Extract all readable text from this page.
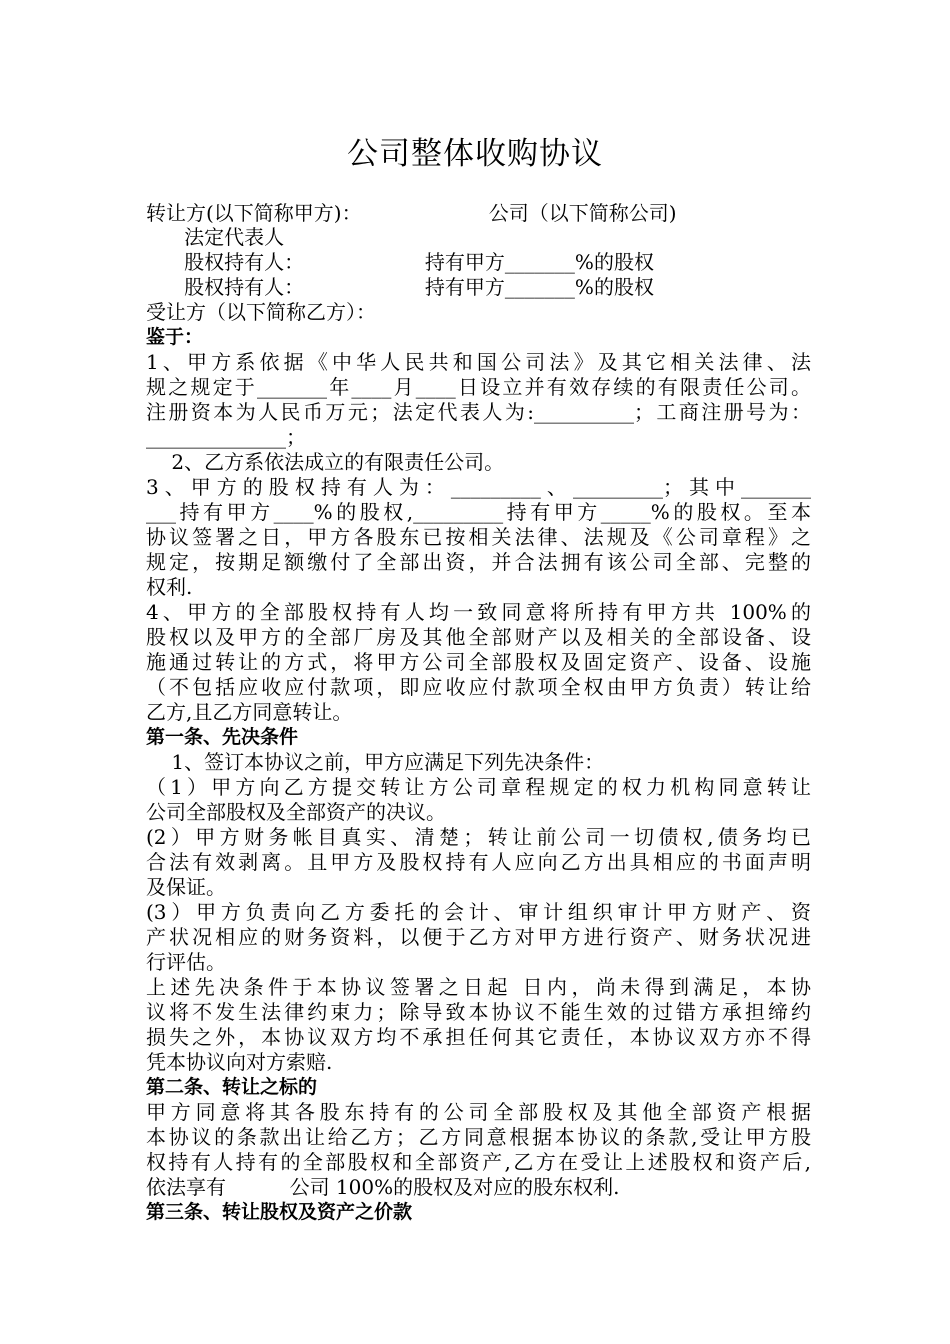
公司整体收购协议
转让方(以下简称甲方)：                    公司（以下简称公司)
法定代表人
股权持有人：                   持有甲方_______%的股权
股权持有人：                   持有甲方_______%的股权
受让方（以下简称乙方）：
鉴于：
1、甲方系依据《中华人民共和国公司法》及其它相关法律、法
规之规定于_______年____月____日设立并有效存续的有限责任公司。
注册资本为人民币万元；法定代表人为:__________；工商注册号为：
______________；
2、乙方系依法成立的有限责任公司。
3、甲方的股权持有人为：_________、_________；其中_______
___持有甲方____%的股权,_________持有甲方_____%的股权。至本
协议签署之日，甲方各股东已按相关法律、法规及《公司章程》之
规定，按期足额缴付了全部出资，并合法拥有该公司全部、完整的
权利.
4、甲方的全部股权持有人均一致同意将所持有甲方共 100%的
股权以及甲方的全部厂房及其他全部财产以及相关的全部设备、设
施通过转让的方式，将甲方公司全部股权及固定资产、设备、设施
（不包括应收应付款项，即应收应付款项全权由甲方负责）转让给
乙方,且乙方同意转让。
第一条、先决条件
1、签订本协议之前，甲方应满足下列先决条件：
（1）甲方向乙方提交转让方公司章程规定的权力机构同意转让
公司全部股权及全部资产的决议。
(2）甲方财务帐目真实、清楚；转让前公司一切债权,债务均已
合法有效剥离。且甲方及股权持有人应向乙方出具相应的书面声明
及保证。
(3）甲方负责向乙方委托的会计、审计组织审计甲方财产、资
产状况相应的财务资料，以便于乙方对甲方进行资产、财务状况进
行评估。
上述先决条件于本协议签署之日起 日内，尚未得到满足，本协
议将不发生法律约束力；除导致本协议不能生效的过错方承担缔约
损失之外，本协议双方均不承担任何其它责任，本协议双方亦不得
凭本协议向对方索赔.
第二条、转让之标的
甲方同意将其各股东持有的公司全部股权及其他全部资产根据
本协议的条款出让给乙方；乙方同意根据本协议的条款,受让甲方股
权持有人持有的全部股权和全部资产,乙方在受让上述股权和资产后,
依法享有          公司 100%的股权及对应的股东权利.
第三条、转让股权及资产之价款
